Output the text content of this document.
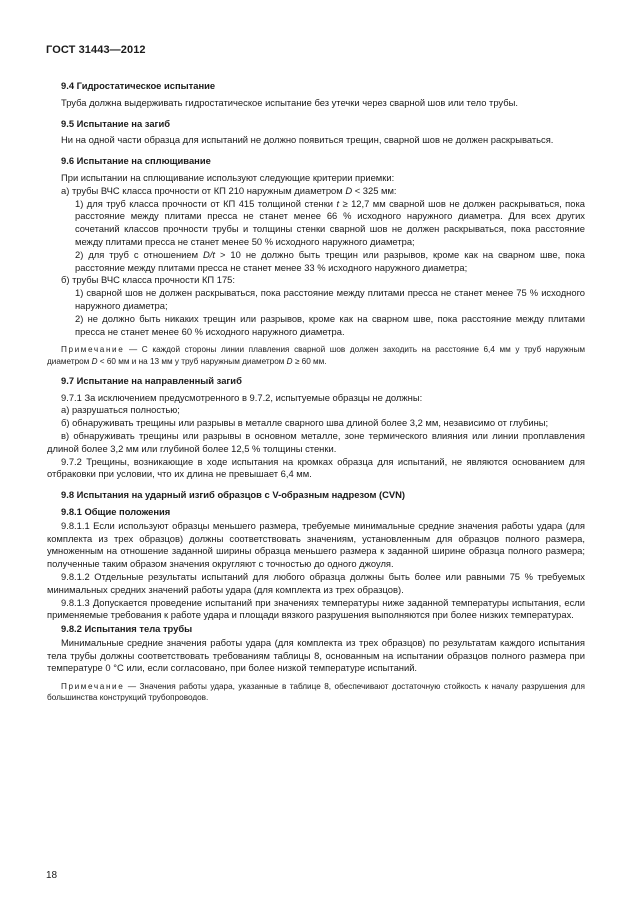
ГОСТ 31443—2012

9.4 Гидростатическое испытание

Труба должна выдерживать гидростатическое испытание без утечки через сварной шов или тело трубы.

9.5 Испытание на загиб

Ни на одной части образца для испытаний не должно появиться трещин, сварной шов не должен раскрываться.

9.6 Испытание на сплющивание

При испытании на сплющивание используют следующие критерии приемки:

а) трубы ВЧС класса прочности от КП 210 наружным диаметром D < 325 мм:

1) для труб класса прочности от КП 415 толщиной стенки t ≥ 12,7 мм сварной шов не должен раскрываться, пока расстояние между плитами пресса не станет менее 66 % исходного наружного диаметра. Для всех других сочетаний классов прочности трубы и толщины стенки сварной шов не должен раскрываться, пока расстояние между плитами пресса не станет менее 50 % исходного наружного диаметра;

2) для труб с отношением D/t > 10 не должно быть трещин или разрывов, кроме как на сварном шве, пока расстояние между плитами пресса не станет менее 33 % исходного наружного диаметра;

б) трубы ВЧС класса прочности КП 175:

1) сварной шов не должен раскрываться, пока расстояние между плитами пресса не станет менее 75 % исходного наружного диаметра;

2) не должно быть никаких трещин или разрывов, кроме как на сварном шве, пока расстояние между плитами пресса не станет менее 60 % исходного наружного диаметра.

Примечание — С каждой стороны линии плавления сварной шов должен заходить на расстояние 6,4 мм у труб наружным диаметром D < 60 мм и на 13 мм у труб наружным диаметром D ≥ 60 мм.

9.7 Испытание на направленный загиб

9.7.1 За исключением предусмотренного в 9.7.2, испытуемые образцы не должны:

а) разрушаться полностью;

б) обнаруживать трещины или разрывы в металле сварного шва длиной более 3,2 мм, независимо от глубины;

в) обнаруживать трещины или разрывы в основном металле, зоне термического влияния или линии проплавления длиной более 3,2 мм или глубиной более 12,5 % толщины стенки.

9.7.2 Трещины, возникающие в ходе испытания на кромках образца для испытаний, не являются основанием для отбраковки при условии, что их длина не превышает 6,4 мм.

9.8 Испытания на ударный изгиб образцов с V-образным надрезом (CVN)

9.8.1 Общие положения

9.8.1.1 Если используют образцы меньшего размера, требуемые минимальные средние значения работы удара (для комплекта из трех образцов) должны соответствовать значениям, установленным для образцов полного размера, умноженным на отношение заданной ширины образца меньшего размера к заданной ширине образца полного размера; полученные таким образом значения округляют с точностью до одного джоуля.

9.8.1.2 Отдельные результаты испытаний для любого образца должны быть более или равными 75 % требуемых минимальных средних значений работы удара (для комплекта из трех образцов).

9.8.1.3 Допускается проведение испытаний при значениях температуры ниже заданной температуры испытания, если применяемые требования к работе удара и площади вязкого разрушения выполняются при более низких температурах.

9.8.2 Испытания тела трубы

Минимальные средние значения работы удара (для комплекта из трех образцов) по результатам каждого испытания тела трубы должны соответствовать требованиям таблицы 8, основанным на испытании образцов полного размера при температуре 0 °С или, если согласовано, при более низкой температуре испытаний.

Примечание — Значения работы удара, указанные в таблице 8, обеспечивают достаточную стойкость к началу разрушения для большинства конструкций трубопроводов.

18
